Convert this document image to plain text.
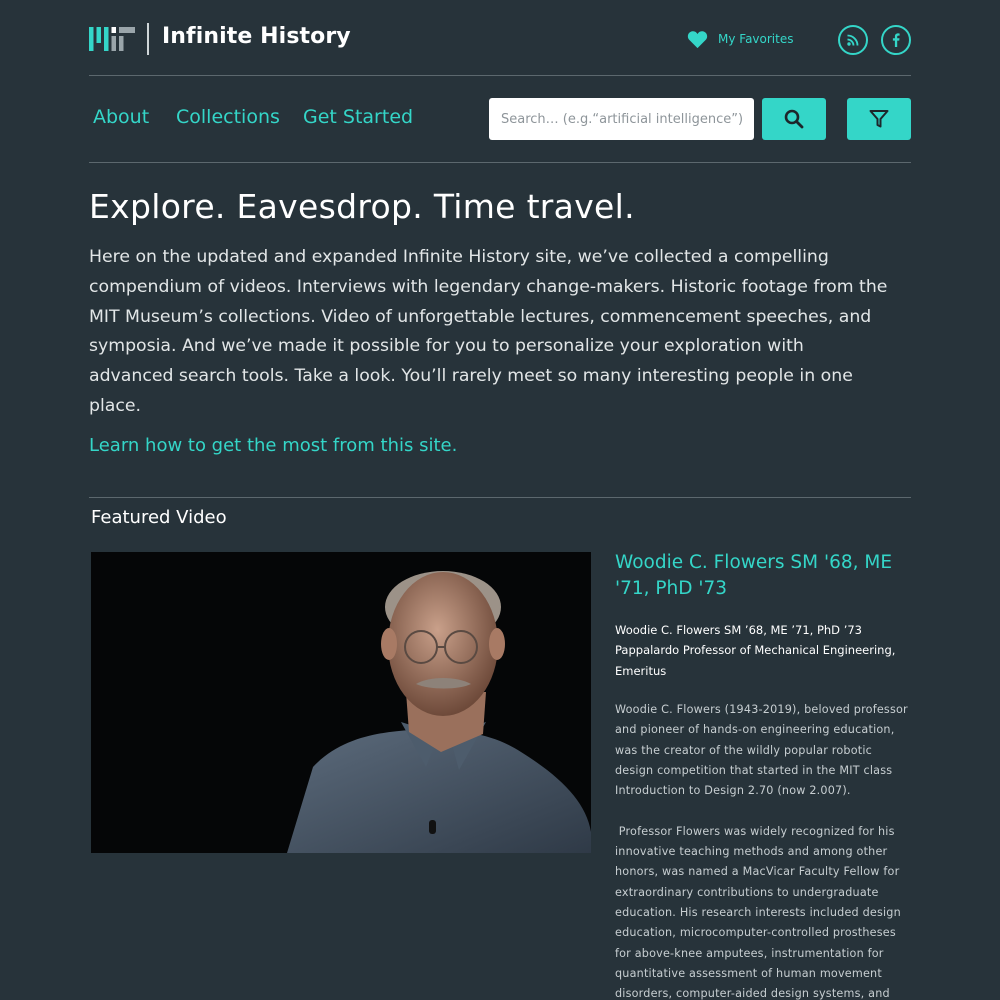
Infinite History	My Favorites
About Collections Get Started
Search… (e.g.“artificial intelligence”)
Explore. Eavesdrop. Time travel.

Here on the updated and expanded Infinite History site, we’ve collected a compelling compendium of videos. Interviews with legendary change-makers. Historic footage from the MIT Museum’s collections. Video of unforgettable lectures, commencement speeches, and symposia. And we’ve made it possible for you to personalize your exploration with advanced search tools. Take a look. You’ll rarely meet so many interesting people in one place.

Learn how to get the most from this site.
Featured Video
Woodie C. Flowers SM '68, ME '71, PhD '73
Woodie C. Flowers SM ’68, ME ’71, PhD ’73
Pappalardo Professor of Mechanical Engineering, Emeritus

Woodie C. Flowers (1943-2019), beloved professor and pioneer of hands-on engineering education, was the creator of the wildly popular robotic design competition that started in the MIT class Introduction to Design 2.70 (now 2.007).

Professor Flowers was widely recognized for his innovative teaching methods and among other honors, was named a MacVicar Faculty Fellow for extraordinary contributions to undergraduate education. His research interests included design education, microcomputer-controlled prostheses for above-knee amputees, instrumentation for quantitative assessment of human movement disorders, computer-aided design systems, and
